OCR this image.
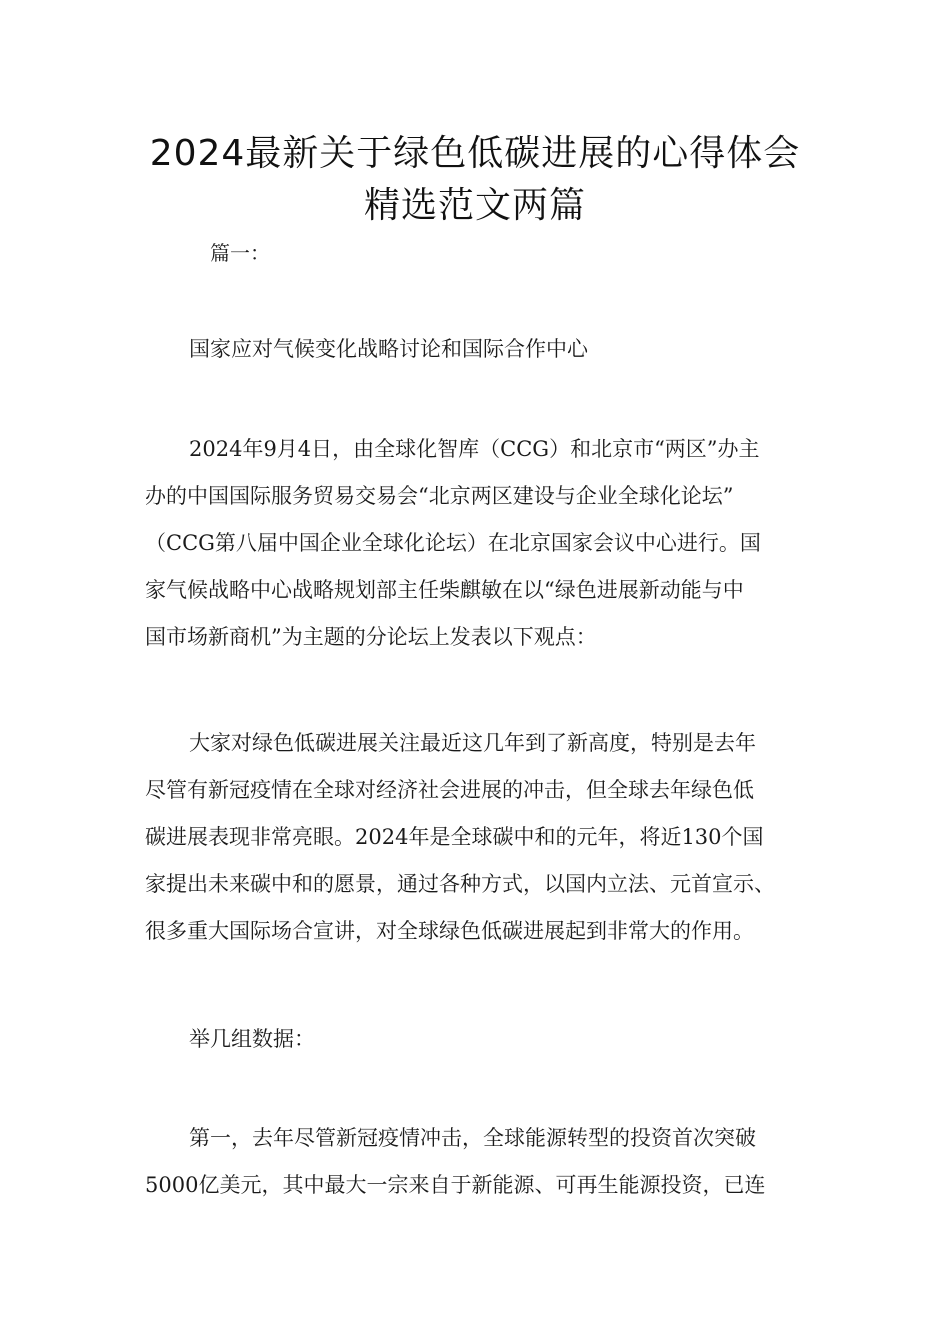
2024最新关于绿色低碳进展的心得体会
精选范文两篇

篇一：

国家应对气候变化战略讨论和国际合作中心

2024年9月4日，由全球化智库（CCG）和北京市“两区”办主
办的中国国际服务贸易交易会“北京两区建设与企业全球化论坛”
（CCG第八届中国企业全球化论坛）在北京国家会议中心进行。国
家气候战略中心战略规划部主任柴麒敏在以“绿色进展新动能与中
国市场新商机”为主题的分论坛上发表以下观点：

大家对绿色低碳进展关注最近这几年到了新高度，特别是去年
尽管有新冠疫情在全球对经济社会进展的冲击，但全球去年绿色低
碳进展表现非常亮眼。2024年是全球碳中和的元年，将近130个国
家提出未来碳中和的愿景，通过各种方式，以国内立法、元首宣示、
很多重大国际场合宣讲，对全球绿色低碳进展起到非常大的作用。

举几组数据：

第一，去年尽管新冠疫情冲击，全球能源转型的投资首次突破
5000亿美元，其中最大一宗来自于新能源、可再生能源投资，已连
